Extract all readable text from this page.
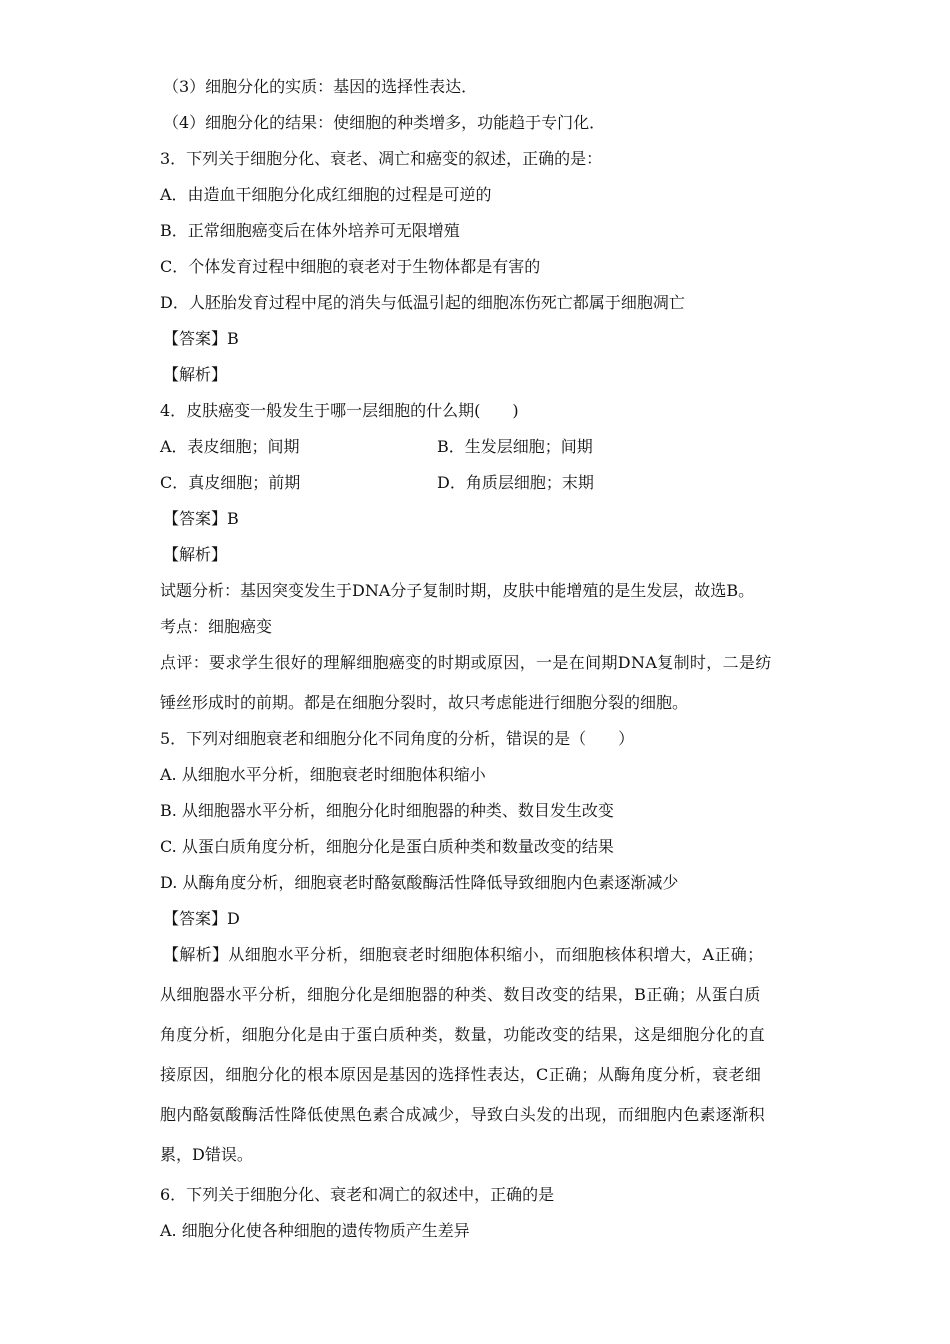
（3）细胞分化的实质：基因的选择性表达．
（4）细胞分化的结果：使细胞的种类增多，功能趋于专门化．
3．下列关于细胞分化、衰老、凋亡和癌变的叙述，正确的是：
A．由造血干细胞分化成红细胞的过程是可逆的
B．正常细胞癌变后在体外培养可无限增殖
C．个体发育过程中细胞的衰老对于生物体都是有害的
D．人胚胎发育过程中尾的消失与低温引起的细胞冻伤死亡都属于细胞凋亡
【答案】B
【解析】
4．皮肤癌变一般发生于哪一层细胞的什么期(　　)
A．表皮细胞；间期	B．生发层细胞；间期
C．真皮细胞；前期	D．角质层细胞；末期
【答案】B
【解析】
试题分析：基因突变发生于DNA分子复制时期，皮肤中能增殖的是生发层，故选B。
考点：细胞癌变
点评：要求学生很好的理解细胞癌变的时期或原因，一是在间期DNA复制时，二是纺
锤丝形成时的前期。都是在细胞分裂时，故只考虑能进行细胞分裂的细胞。
5．下列对细胞衰老和细胞分化不同角度的分析，错误的是（　　）
A. 从细胞水平分析，细胞衰老时细胞体积缩小
B. 从细胞器水平分析，细胞分化时细胞器的种类、数目发生改变
C. 从蛋白质角度分析，细胞分化是蛋白质种类和数量改变的结果
D. 从酶角度分析，细胞衰老时酪氨酸酶活性降低导致细胞内色素逐渐减少
【答案】D
【解析】从细胞水平分析，细胞衰老时细胞体积缩小，而细胞核体积增大，A正确；
从细胞器水平分析，细胞分化是细胞器的种类、数目改变的结果，B正确；从蛋白质
角度分析，细胞分化是由于蛋白质种类，数量，功能改变的结果，这是细胞分化的直
接原因，细胞分化的根本原因是基因的选择性表达，C正确；从酶角度分析，衰老细
胞内酪氨酸酶活性降低使黑色素合成减少，导致白头发的出现，而细胞内色素逐渐积
累，D错误。
6．下列关于细胞分化、衰老和凋亡的叙述中，正确的是
A. 细胞分化使各种细胞的遗传物质产生差异
